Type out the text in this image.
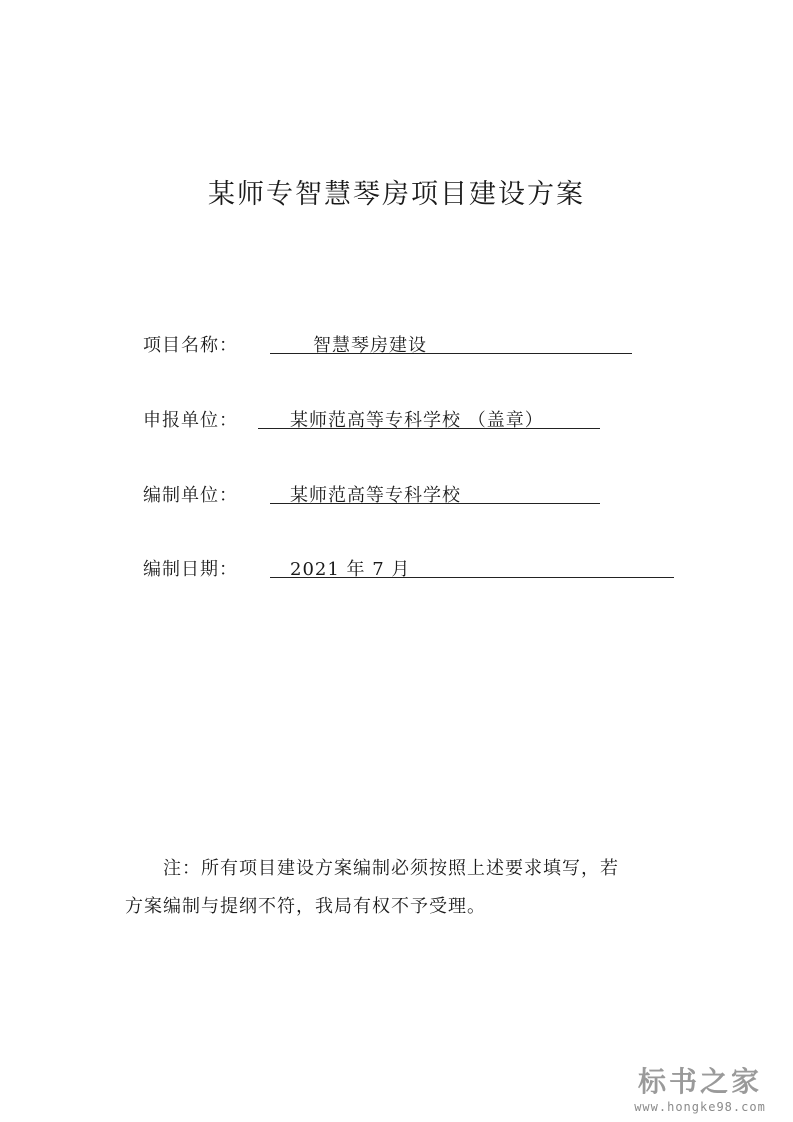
某师专智慧琴房项目建设方案
项目名称：	智慧琴房建设
申报单位：	某师范高等专科学校 （盖章）
编制单位：	某师范高等专科学校
编制日期：	2021 年 7 月
注：所有项目建设方案编制必须按照上述要求填写，若
方案编制与提纲不符，我局有权不予受理。
标书之家
www.hongke98.com
